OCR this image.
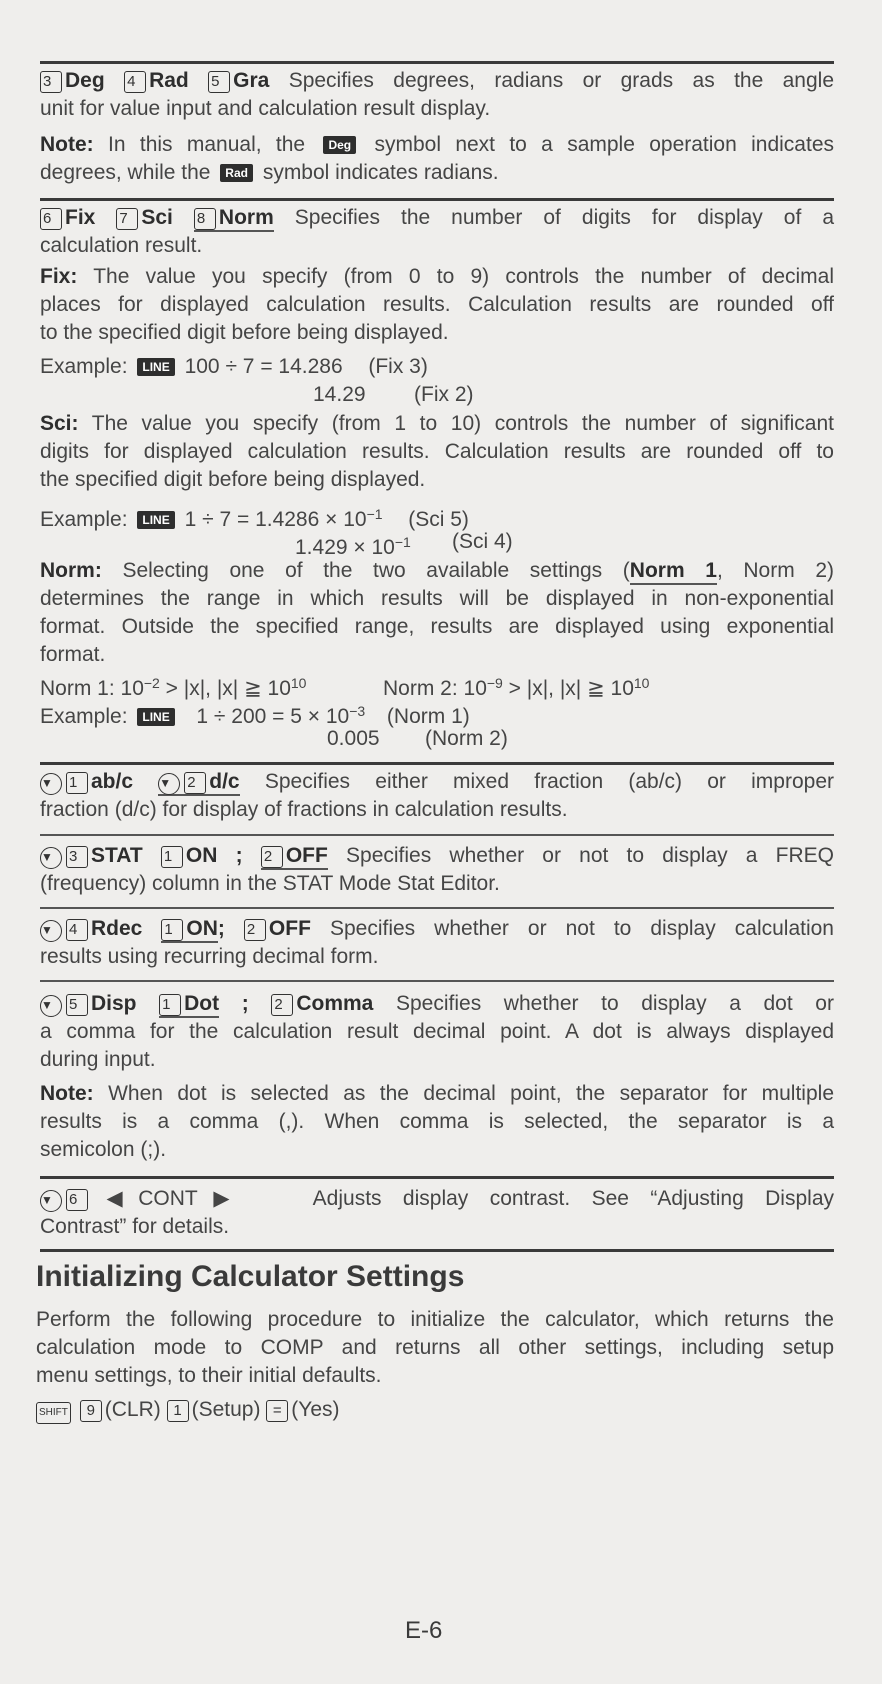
3 Deg 4 Rad 5 Gra Specifies degrees, radians or grads as the angle
unit for value input and calculation result display.
Note: In this manual, the Deg symbol next to a sample operation indicates
degrees, while the Rad symbol indicates radians.
6 Fix 7 Sci 8 Norm Specifies the number of digits for display of a
calculation result.
Fix: The value you specify (from 0 to 9) controls the number of decimal
places for displayed calculation results. Calculation results are rounded off
to the specified digit before being displayed.
Example: LINE 100 ÷ 7 = 14.286 (Fix 3)
14.29 (Fix 2)
Sci: The value you specify (from 1 to 10) controls the number of significant
digits for displayed calculation results. Calculation results are rounded off to
the specified digit before being displayed.
Example: LINE $1 \div 7 = 1.4286 \times 10^{-1}$ (Sci 5)
$1.429 \times 10^{-1}$ (Sci 4)
Norm: Selecting one of the two available settings (Norm 1, Norm 2)
determines the range in which results will be displayed in non-exponential
format. Outside the specified range, results are displayed using exponential
format.
Norm 1: $10^{-2} > |x|$, |x| ≧ $10^{10}$	Norm 2: $10^{-9} > |x|$, |x| ≧ $10^{10}$
Example: LINE $1 \div 200 = 5 \times 10^{-3}$ (Norm 1)
0.005 (Norm 2)
▼ 1 ab/c ▼ 2 d/c Specifies either mixed fraction (ab/c) or improper
fraction (d/c) for display of fractions in calculation results.
▼ 3 STAT 1 ON ; 2 OFF Specifies whether or not to display a FREQ
(frequency) column in the STAT Mode Stat Editor.
▼ 4 Rdec 1 ON; 2 OFF Specifies whether or not to display calculation
results using recurring decimal form.
▼ 5 Disp 1 Dot ; 2 Comma Specifies whether to display a dot or
a comma for the calculation result decimal point. A dot is always displayed
during input.
Note: When dot is selected as the decimal point, the separator for multiple
results is a comma (,). When comma is selected, the separator is a
semicolon (;).
▼ 6 ◀CONT▶	Adjusts display contrast. See “Adjusting Display
Contrast” for details.
Initializing Calculator Settings
Perform the following procedure to initialize the calculator, which returns the
calculation mode to COMP and returns all other settings, including setup
menu settings, to their initial defaults.
SHIFT 9 (CLR) 1 (Setup) = (Yes)
E-6
